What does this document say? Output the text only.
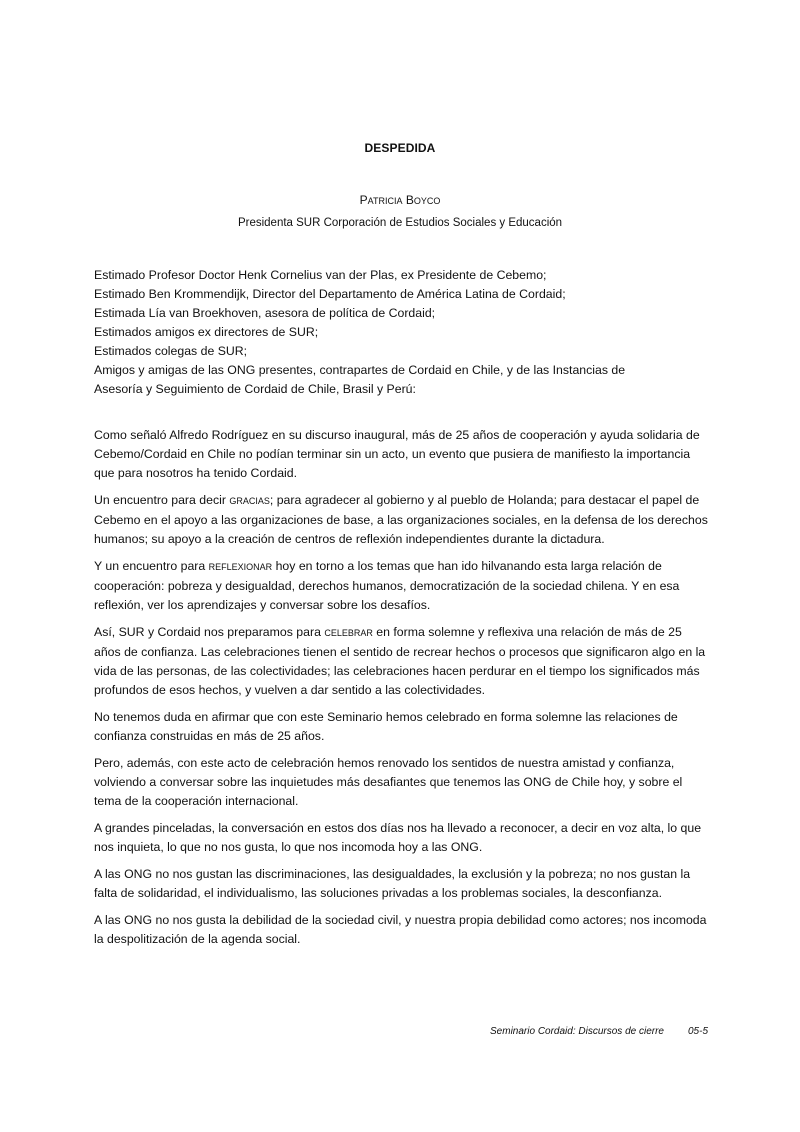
DESPEDIDA
PATRICIA BOYCO
Presidenta SUR Corporación de Estudios Sociales y Educación
Estimado Profesor Doctor Henk Cornelius van der Plas, ex Presidente de Cebemo;
Estimado Ben Krommendijk, Director del Departamento de América Latina de Cordaid;
Estimada Lía van Broekhoven, asesora de política de Cordaid;
Estimados amigos ex directores de SUR;
Estimados colegas de SUR;
Amigos y amigas de las ONG presentes, contrapartes de Cordaid en Chile, y de las Instancias de
Asesoría y Seguimiento de Cordaid de Chile, Brasil y Perú:

Como señaló Alfredo Rodríguez en su discurso inaugural, más de 25 años de cooperación y ayuda solidaria de Cebemo/Cordaid en Chile no podían terminar sin un acto, un evento que pusiera de manifiesto la importancia que para nosotros ha tenido Cordaid.

Un encuentro para decir GRACIAS; para agradecer al gobierno y al pueblo de Holanda; para destacar el papel de Cebemo en el apoyo a las organizaciones de base, a las organizaciones sociales, en la defensa de los derechos humanos; su apoyo a la creación de centros de reflexión independientes durante la dictadura.

Y un encuentro para REFLEXIONAR hoy en torno a los temas que han ido hilvanando esta larga relación de cooperación: pobreza y desigualdad, derechos humanos, democratización de la sociedad chilena. Y en esa reflexión, ver los aprendizajes y conversar sobre los desafíos.

Así, SUR y Cordaid nos preparamos para CELEBRAR en forma solemne y reflexiva una relación de más de 25 años de confianza. Las celebraciones tienen el sentido de recrear hechos o procesos que significaron algo en la vida de las personas, de las colectividades; las celebraciones hacen perdurar en el tiempo los significados más profundos de esos hechos, y vuelven a dar sentido a las colectividades.

No tenemos duda en afirmar que con este Seminario hemos celebrado en forma solemne las relaciones de confianza construidas en más de 25 años.

Pero, además, con este acto de celebración hemos renovado los sentidos de nuestra amistad y confianza, volviendo a conversar sobre las inquietudes más desafiantes que tenemos las ONG de Chile hoy, y sobre el tema de la cooperación internacional.

A grandes pinceladas, la conversación en estos dos días nos ha llevado a reconocer, a decir en voz alta, lo que nos inquieta, lo que no nos gusta, lo que nos incomoda hoy a las ONG.

A las ONG no nos gustan las discriminaciones, las desigualdades, la exclusión y la pobreza; no nos gustan la falta de solidaridad, el individualismo, las soluciones privadas a los problemas sociales, la desconfianza.

A las ONG no nos gusta la debilidad de la sociedad civil, y nuestra propia debilidad como actores; nos incomoda la despolitización de la agenda social.

Seminario Cordaid: Discursos de cierre 05-5
